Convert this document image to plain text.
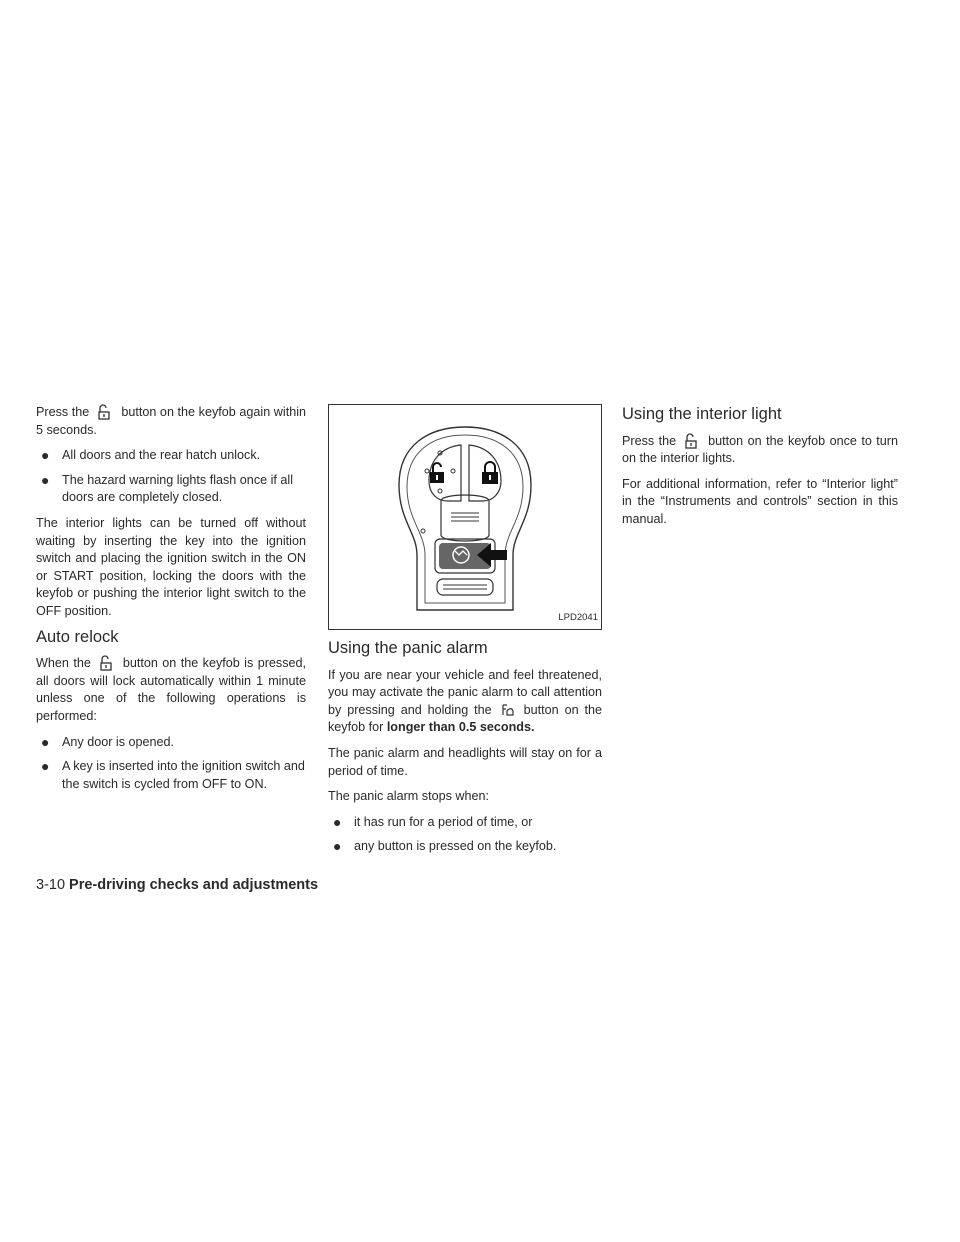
Press the	button on the keyfob again within 5 seconds.

● All doors and the rear hatch unlock.
● The hazard warning lights flash once if all doors are completely closed.

The interior lights can be turned off without waiting by inserting the key into the ignition switch and placing the ignition switch in the ON or START position, locking the doors with the keyfob or pushing the interior light switch to the OFF position.

Auto relock

When the	button on the keyfob is pressed, all doors will lock automatically within 1 minute unless one of the following operations is performed:

● Any door is opened.
● A key is inserted into the ignition switch and the switch is cycled from OFF to ON.
LPD2041
Using the panic alarm

If you are near your vehicle and feel threatened, you may activate the panic alarm to call attention by pressing and holding the	button on the keyfob for longer than 0.5 seconds.

The panic alarm and headlights will stay on for a period of time.

The panic alarm stops when:

● it has run for a period of time, or
● any button is pressed on the keyfob.
Using the interior light

Press the	button on the keyfob once to turn on the interior lights.

For additional information, refer to “Interior light” in the “Instruments and controls” section in this manual.

3-10 Pre-driving checks and adjustments
